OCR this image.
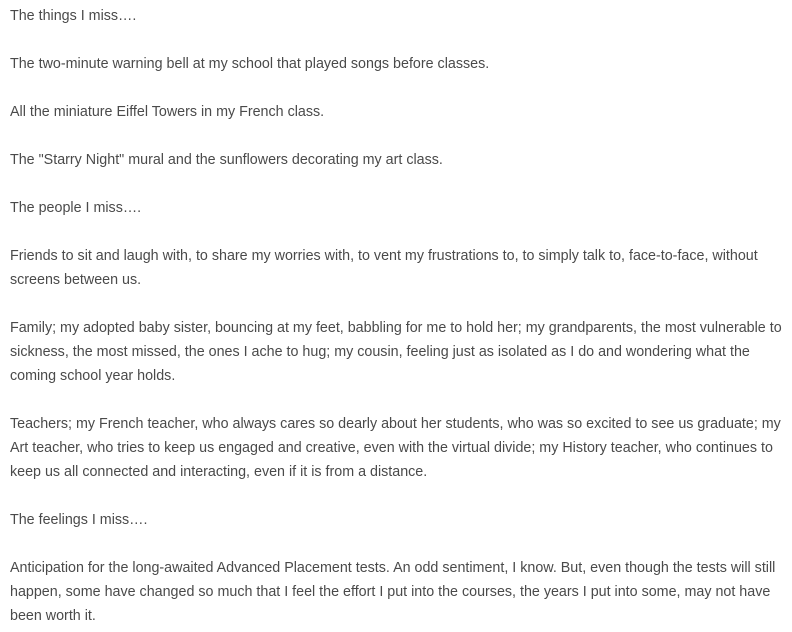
The things I miss….

The two-minute warning bell at my school that played songs before classes.

All the miniature Eiffel Towers in my French class.

The "Starry Night" mural and the sunflowers decorating my art class.

The people I miss….

Friends to sit and laugh with, to share my worries with, to vent my frustrations to, to simply talk to, face-to-face, without screens between us.

Family; my adopted baby sister, bouncing at my feet, babbling for me to hold her; my grandparents, the most vulnerable to sickness, the most missed, the ones I ache to hug; my cousin, feeling just as isolated as I do and wondering what the coming school year holds.

Teachers; my French teacher, who always cares so dearly about her students, who was so excited to see us graduate; my Art teacher, who tries to keep us engaged and creative, even with the virtual divide; my History teacher, who continues to keep us all connected and interacting, even if it is from a distance.

The feelings I miss….

Anticipation for the long-awaited Advanced Placement tests. An odd sentiment, I know. But, even though the tests will still happen, some have changed so much that I feel the effort I put into the courses, the years I put into some, may not have been worth it.
